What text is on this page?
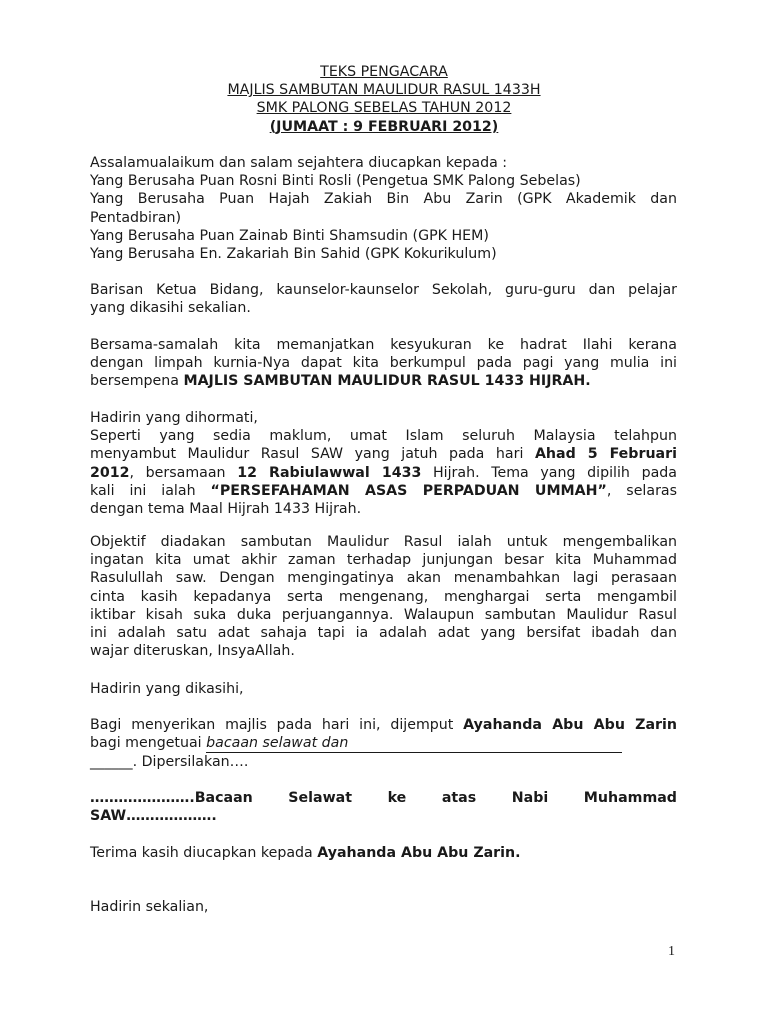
TEKS PENGACARA
MAJLIS SAMBUTAN MAULIDUR RASUL 1433H
SMK PALONG SEBELAS TAHUN 2012
(JUMAAT : 9 FEBRUARI 2012)
Assalamualaikum dan salam sejahtera diucapkan kepada :
Yang Berusaha Puan Rosni Binti Rosli (Pengetua SMK Palong Sebelas)
Yang Berusaha Puan Hajah Zakiah Bin Abu Zarin (GPK Akademik dan
Pentadbiran)
Yang Berusaha Puan Zainab Binti Shamsudin (GPK HEM)
Yang Berusaha En. Zakariah Bin Sahid (GPK Kokurikulum)
Barisan Ketua Bidang, kaunselor-kaunselor Sekolah, guru-guru dan pelajar
yang dikasihi sekalian.
Bersama-samalah kita memanjatkan kesyukuran ke hadrat Ilahi kerana
dengan limpah kurnia-Nya dapat kita berkumpul pada pagi yang mulia ini
bersempena MAJLIS SAMBUTAN MAULIDUR RASUL 1433 HIJRAH.
Hadirin yang dihormati,
Seperti yang sedia maklum, umat Islam seluruh Malaysia telahpun
menyambut Maulidur Rasul SAW yang jatuh pada hari Ahad 5 Februari
2012, bersamaan 12 Rabiulawwal 1433 Hijrah. Tema yang dipilih pada
kali ini ialah “PERSEFAHAMAN ASAS PERPADUAN UMMAH”, selaras
dengan tema Maal Hijrah 1433 Hijrah.
Objektif diadakan sambutan Maulidur Rasul ialah untuk mengembalikan
ingatan kita umat akhir zaman terhadap junjungan besar kita Muhammad
Rasulullah saw. Dengan mengingatinya akan menambahkan lagi perasaan
cinta kasih kepadanya serta mengenang, menghargai serta mengambil
iktibar kisah suka duka perjuangannya. Walaupun sambutan Maulidur Rasul
ini adalah satu adat sahaja tapi ia adalah adat yang bersifat ibadah dan
wajar diteruskan, InsyaAllah.
Hadirin yang dikasihi,
Bagi menyerikan majlis pada hari ini, dijemput Ayahanda Abu Abu Zarin
bagi mengetuai bacaan selawat dan
______. Dipersilakan….
………………….Bacaan	Selawat	ke	atas	Nabi	Muhammad
SAW……………….
Terima kasih diucapkan kepada Ayahanda Abu Abu Zarin.
Hadirin sekalian,
1
